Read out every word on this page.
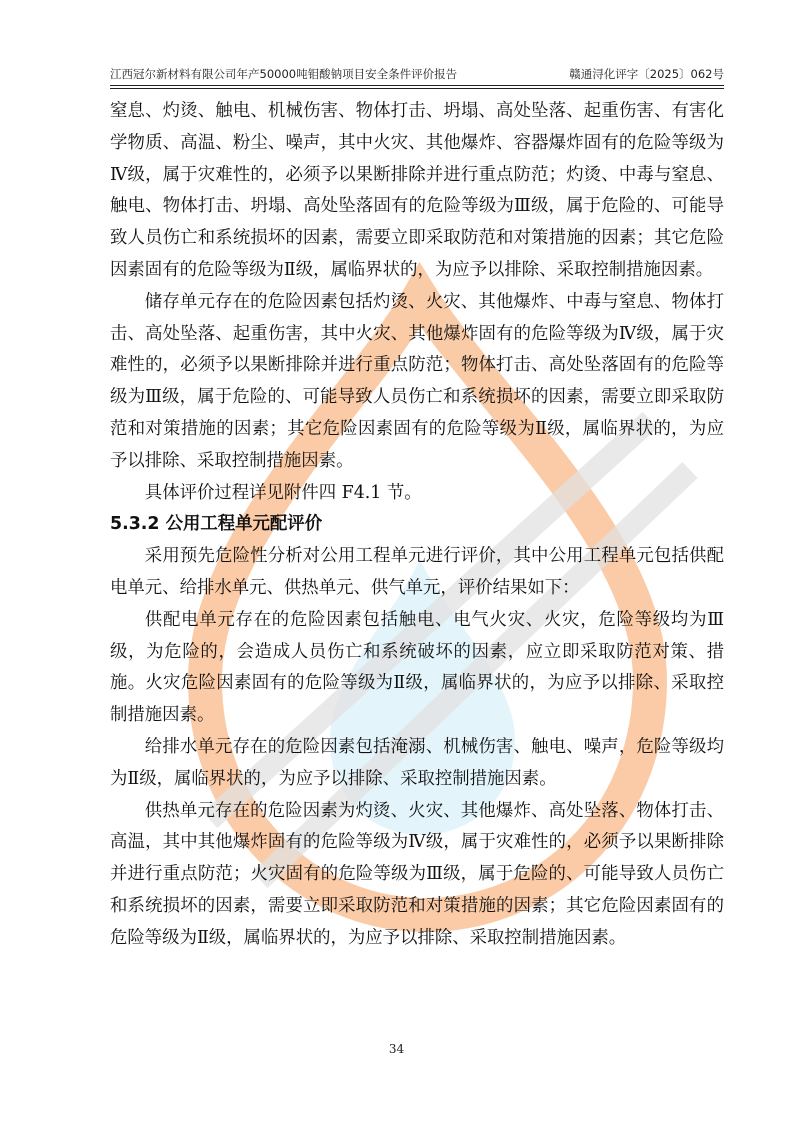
江西冠尔新材料有限公司年产50000吨钼酸钠项目安全条件评价报告	赣通浔化评字〔2025〕062号

窒息、灼烫、触电、机械伤害、物体打击、坍塌、高处坠落、起重伤害、有害化学物质、高温、粉尘、噪声，其中火灾、其他爆炸、容器爆炸固有的危险等级为Ⅳ级，属于灾难性的，必须予以果断排除并进行重点防范；灼烫、中毒与窒息、触电、物体打击、坍塌、高处坠落固有的危险等级为Ⅲ级，属于危险的、可能导致人员伤亡和系统损坏的因素，需要立即采取防范和对策措施的因素；其它危险因素固有的危险等级为Ⅱ级，属临界状的，为应予以排除、采取控制措施因素。

储存单元存在的危险因素包括灼烫、火灾、其他爆炸、中毒与窒息、物体打击、高处坠落、起重伤害，其中火灾、其他爆炸固有的危险等级为Ⅳ级，属于灾难性的，必须予以果断排除并进行重点防范；物体打击、高处坠落固有的危险等级为Ⅲ级，属于危险的、可能导致人员伤亡和系统损坏的因素，需要立即采取防范和对策措施的因素；其它危险因素固有的危险等级为Ⅱ级，属临界状的，为应予以排除、采取控制措施因素。

具体评价过程详见附件四 F4.1 节。

5.3.2 公用工程单元配评价

采用预先危险性分析对公用工程单元进行评价，其中公用工程单元包括供配电单元、给排水单元、供热单元、供气单元，评价结果如下：

供配电单元存在的危险因素包括触电、电气火灾、火灾，危险等级均为Ⅲ级，为危险的，会造成人员伤亡和系统破坏的因素，应立即采取防范对策、措施。火灾危险因素固有的危险等级为Ⅱ级，属临界状的，为应予以排除、采取控制措施因素。

给排水单元存在的危险因素包括淹溺、机械伤害、触电、噪声，危险等级均为Ⅱ级，属临界状的，为应予以排除、采取控制措施因素。

供热单元存在的危险因素为灼烫、火灾、其他爆炸、高处坠落、物体打击、高温，其中其他爆炸固有的危险等级为Ⅳ级，属于灾难性的，必须予以果断排除并进行重点防范；火灾固有的危险等级为Ⅲ级，属于危险的、可能导致人员伤亡和系统损坏的因素，需要立即采取防范和对策措施的因素；其它危险因素固有的危险等级为Ⅱ级，属临界状的，为应予以排除、采取控制措施因素。

34
